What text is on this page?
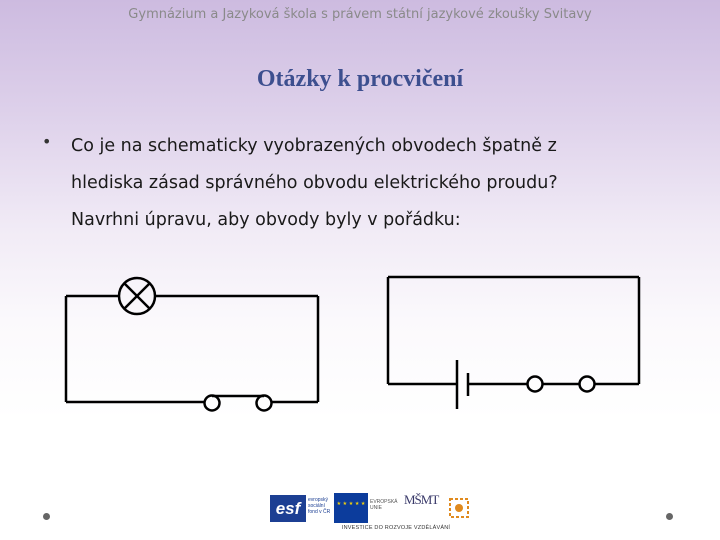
Gymnázium a Jazyková škola s právem státní jazykové zkoušky Svitavy
Otázky k procvičení
• Co je na schematicky vyobrazených obvodech špatně z
hlediska zásad správného obvodu elektrického proudu?
Navrhni úpravu, aby obvody byly v pořádku:
esf	evropský sociální fond v ČR
★ ★ ★ ★ ★ EVROPSKÁ UNIE
MŠMT
INVESTICE DO ROZVOJE VZDĚLÁVÁNÍ
